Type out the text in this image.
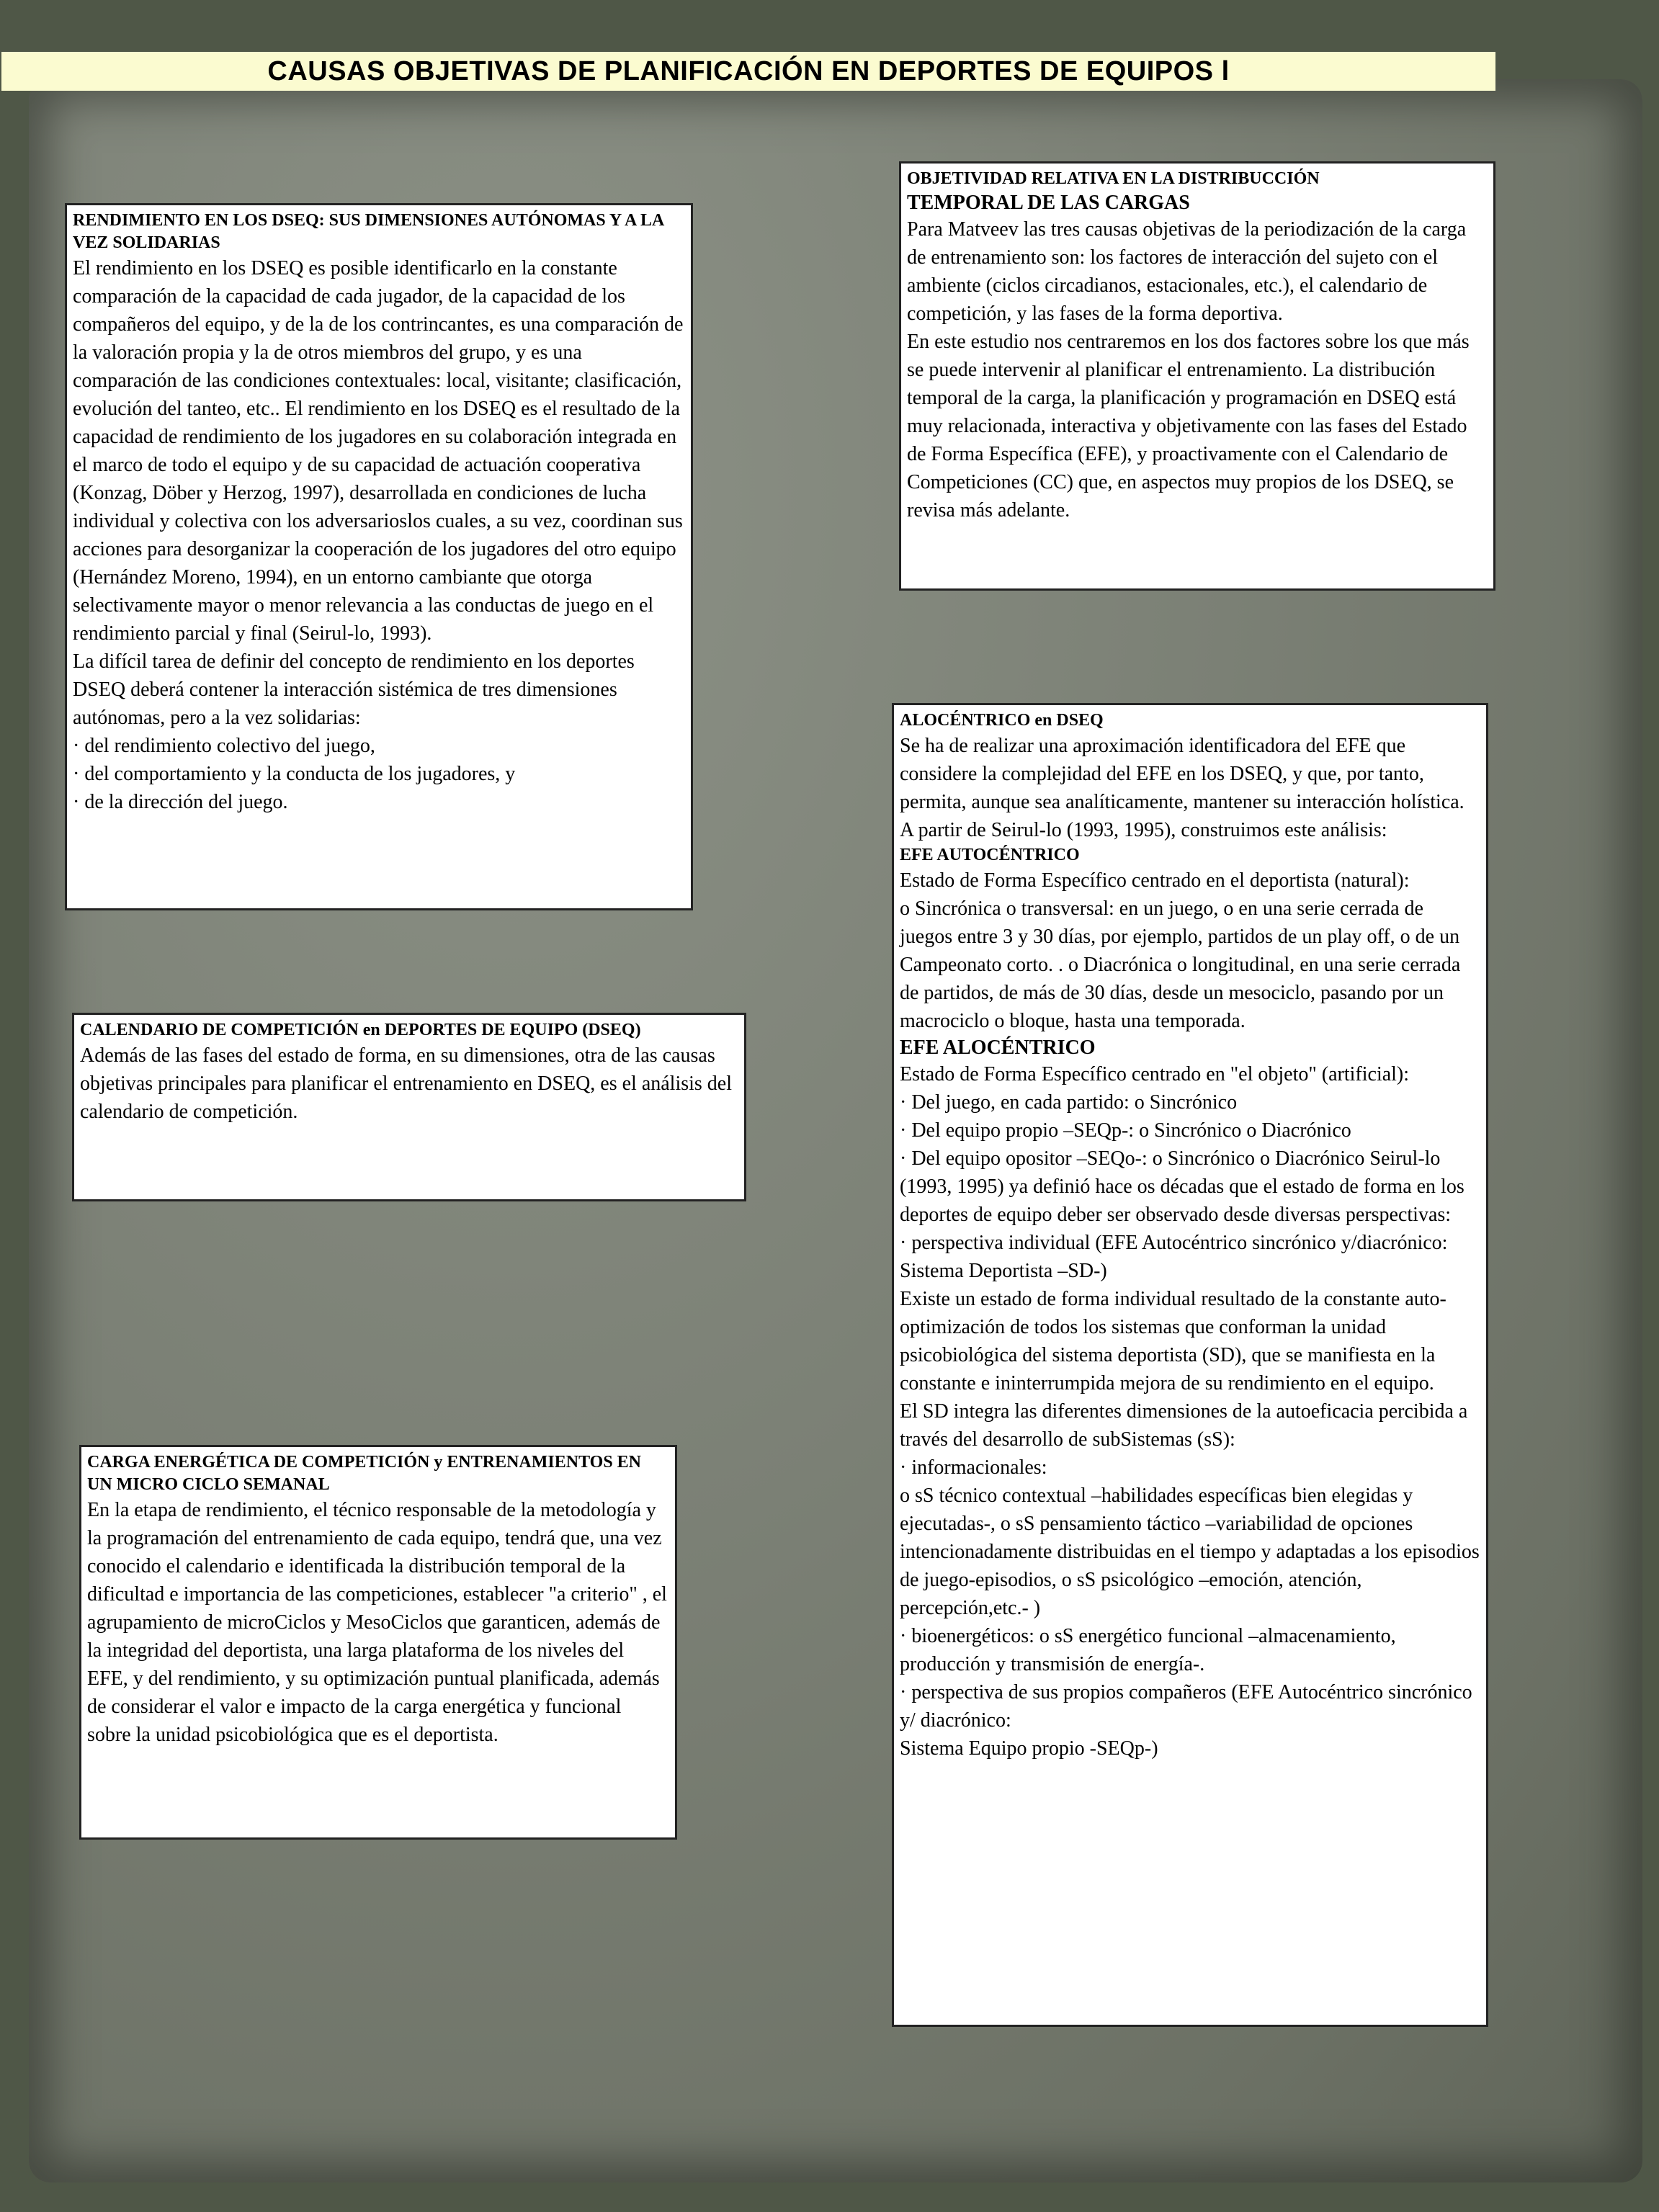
CAUSAS OBJETIVAS DE PLANIFICACIÓN EN DEPORTES DE EQUIPOS l
RENDIMIENTO EN LOS DSEQ: SUS DIMENSIONES AUTÓNOMAS Y A LA VEZ SOLIDARIAS

El rendimiento en los DSEQ es posible identificarlo en la constante comparación de la capacidad de cada jugador, de la capacidad de los compañeros del equipo, y de la de los contrincantes, es una comparación de la valoración propia y la de otros miembros del grupo, y es una comparación de las condiciones contextuales: local, visitante; clasificación, evolución del tanteo, etc.. El rendimiento en los DSEQ es el resultado de la capacidad de rendimiento de los jugadores en su colaboración integrada en el marco de todo el equipo y de su capacidad de actuación cooperativa (Konzag, Döber y Herzog, 1997), desarrollada en condiciones de lucha individual y colectiva con los adversarioslos cuales, a su vez, coordinan sus acciones para desorganizar la cooperación de los jugadores del otro equipo (Hernández Moreno, 1994), en un entorno cambiante que otorga selectivamente mayor o menor relevancia a las conductas de juego en el rendimiento parcial y final (Seirul-lo, 1993).

La difícil tarea de definir del concepto de rendimiento en los deportes DSEQ deberá contener la interacción sistémica de tres dimensiones autónomas, pero a la vez solidarias:

· del rendimiento colectivo del juego,

· del comportamiento y la conducta de los jugadores, y

· de la dirección del juego.

OBJETIVIDAD RELATIVA EN LA DISTRIBUCCIÓN
TEMPORAL DE LAS CARGAS

Para Matveev las tres causas objetivas de la periodización de la carga de entrenamiento son: los factores de interacción del sujeto con el ambiente (ciclos circadianos, estacionales, etc.), el calendario de competición, y las fases de la forma deportiva.

En este estudio nos centraremos en los dos factores sobre los que más se puede intervenir al planificar el entrenamiento. La distribución temporal de la carga, la planificación y programación en DSEQ está muy relacionada, interactiva y objetivamente con las fases del Estado de Forma Específica (EFE), y proactivamente con el Calendario de Competiciones (CC) que, en aspectos muy propios de los DSEQ, se revisa más adelante.

CALENDARIO DE COMPETICIÓN en DEPORTES DE EQUIPO (DSEQ)

Además de las fases del estado de forma, en su dimensiones, otra de las causas objetivas principales para planificar el entrenamiento en DSEQ, es el análisis del calendario de competición.

CARGA ENERGÉTICA DE COMPETICIÓN y ENTRENAMIENTOS EN UN MICRO CICLO SEMANAL

En la etapa de rendimiento, el técnico responsable de la metodología y la programación del entrenamiento de cada equipo, tendrá que, una vez conocido el calendario e identificada la distribución temporal de la dificultad e importancia de las competiciones, establecer "a criterio" , el agrupamiento de microCiclos y MesoCiclos que garanticen, además de la integridad del deportista, una larga plataforma de los niveles del EFE, y del rendimiento, y su optimización puntual planificada, además de considerar el valor e impacto de la carga energética y funcional sobre la unidad psicobiológica que es el deportista.

ALOCÉNTRICO en DSEQ

Se ha de realizar una aproximación identificadora del EFE que considere la complejidad del EFE en los DSEQ, y que, por tanto, permita, aunque sea analíticamente, mantener su interacción holística. A partir de Seirul-lo (1993, 1995), construimos este análisis:

EFE AUTOCÉNTRICO

Estado de Forma Específico centrado en el deportista (natural):

o Sincrónica o transversal: en un juego, o en una serie cerrada de juegos entre 3 y 30 días, por ejemplo, partidos de un play off, o de un Campeonato corto. . o Diacrónica o longitudinal, en una serie cerrada de partidos, de más de 30 días, desde un mesociclo, pasando por un macrociclo o bloque, hasta una temporada.

EFE ALOCÉNTRICO

Estado de Forma Específico centrado en "el objeto" (artificial):

· Del juego, en cada partido: o Sincrónico

· Del equipo propio –SEQp-: o Sincrónico o Diacrónico

· Del equipo opositor –SEQo-: o Sincrónico o Diacrónico Seirul-lo (1993, 1995) ya definió hace os décadas que el estado de forma en los deportes de equipo deber ser observado desde diversas perspectivas:

· perspectiva individual (EFE Autocéntrico sincrónico y/diacrónico: Sistema Deportista –SD-)

Existe un estado de forma individual resultado de la constante auto-optimización de todos los sistemas que conforman la unidad psicobiológica del sistema deportista (SD), que se manifiesta en la constante e ininterrumpida mejora de su rendimiento en el equipo.

El SD integra las diferentes dimensiones de la autoeficacia percibida a través del desarrollo de subSistemas (sS):

· informacionales:

o sS técnico contextual –habilidades específicas bien elegidas y ejecutadas-, o sS pensamiento táctico –variabilidad de opciones intencionadamente distribuidas en el tiempo y adaptadas a los episodios de juego-episodios, o sS psicológico –emoción, atención, percepción,etc.- )

· bioenergéticos: o sS energético funcional –almacenamiento, producción y transmisión de energía-.

· perspectiva de sus propios compañeros (EFE Autocéntrico sincrónico y/ diacrónico:

Sistema Equipo propio -SEQp-)
